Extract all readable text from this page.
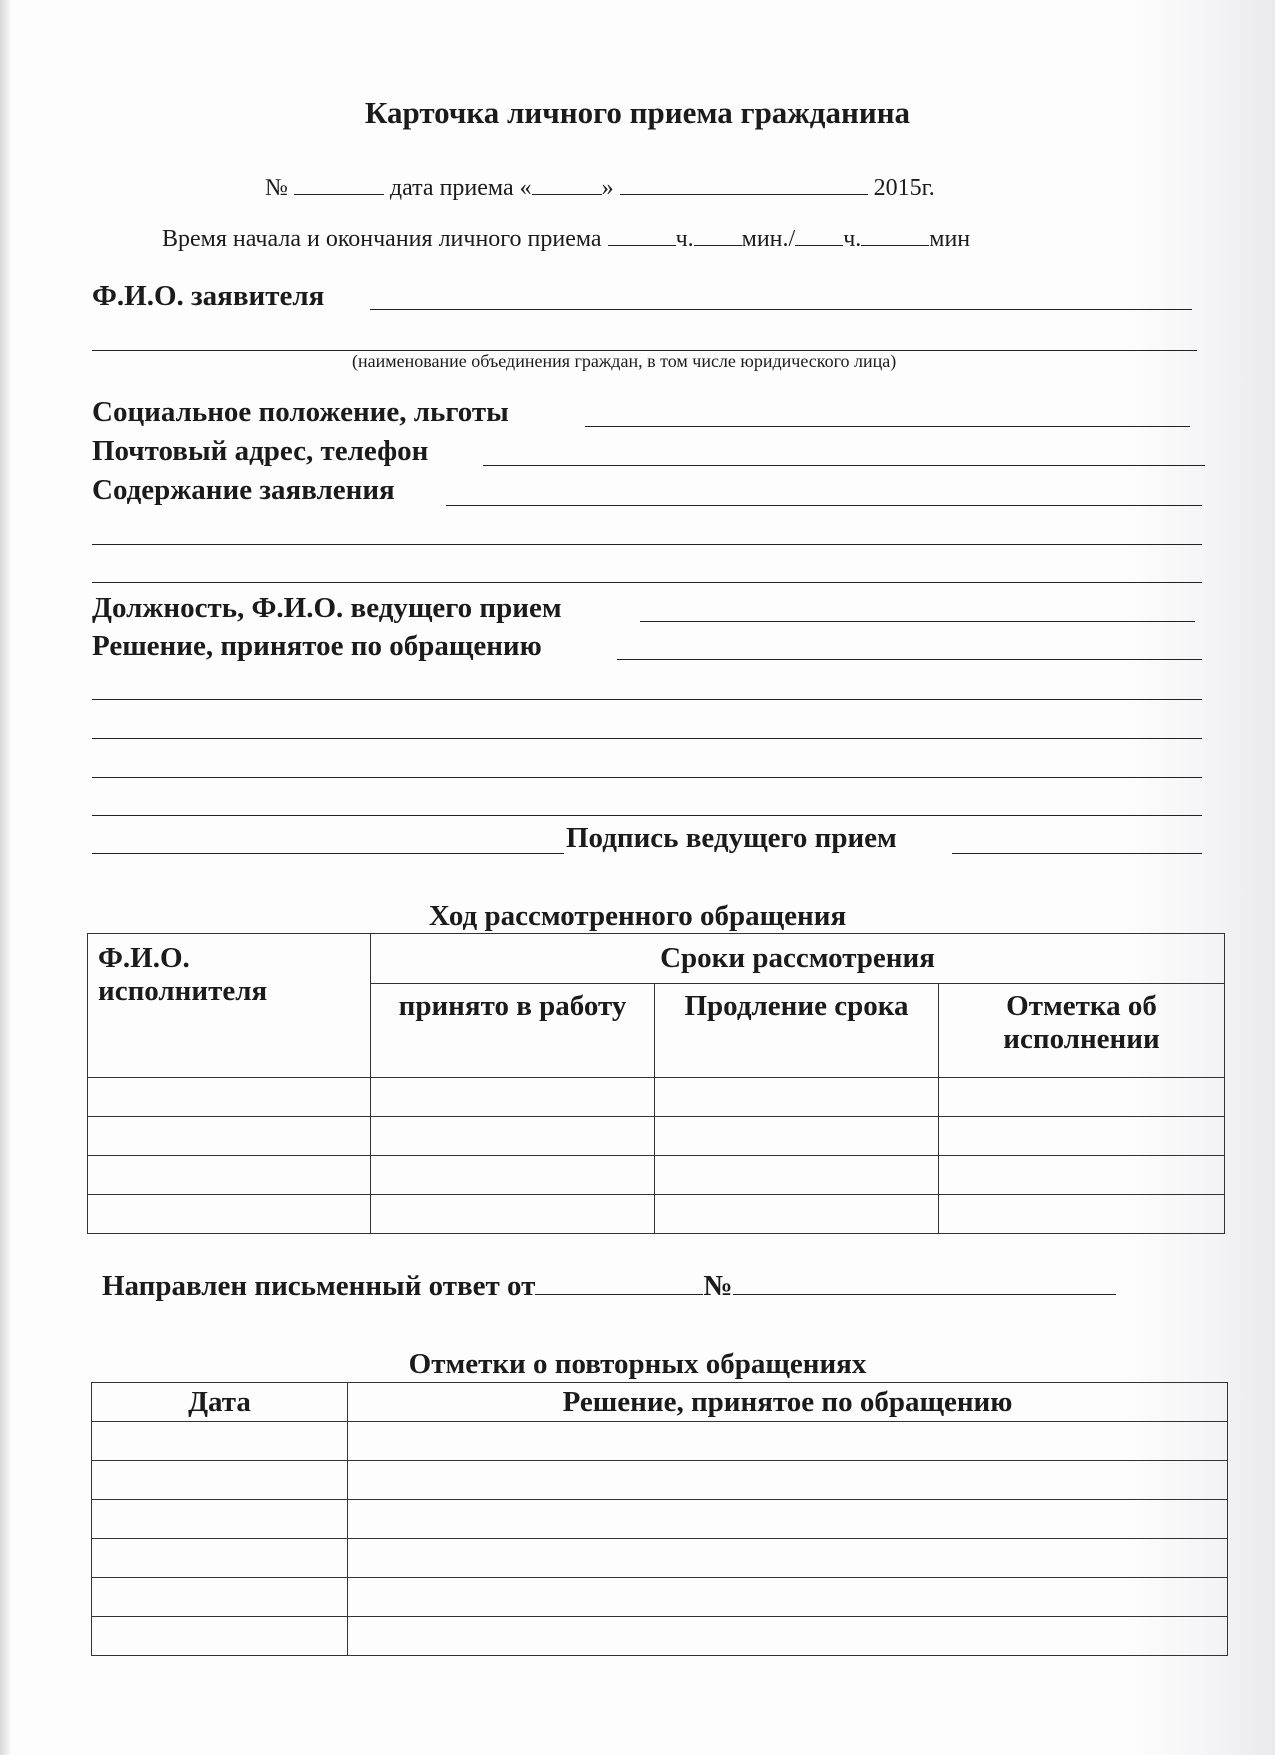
Карточка личного приема гражданина
№	дата приема «	»	2015г.
Время начала и окончания личного приема	ч. мин./ ч.	мин
Ф.И.О. заявителя
(наименование объединения граждан, в том числе юридического лица)
Социальное положение, льготы
Почтовый адрес, телефон
Содержание заявления
Должность, Ф.И.О. ведущего прием
Решение, принятое по обращению
Подпись ведущего прием
Ход рассмотренного обращения
Ф.И.О. исполнителя	Сроки рассмотрения		
	принято в работу	Продление срока	Отметка об исполнении

Направлен письменный ответ от	№
Отметки о повторных обращениях
Дата	Решение, принятое по обращению
